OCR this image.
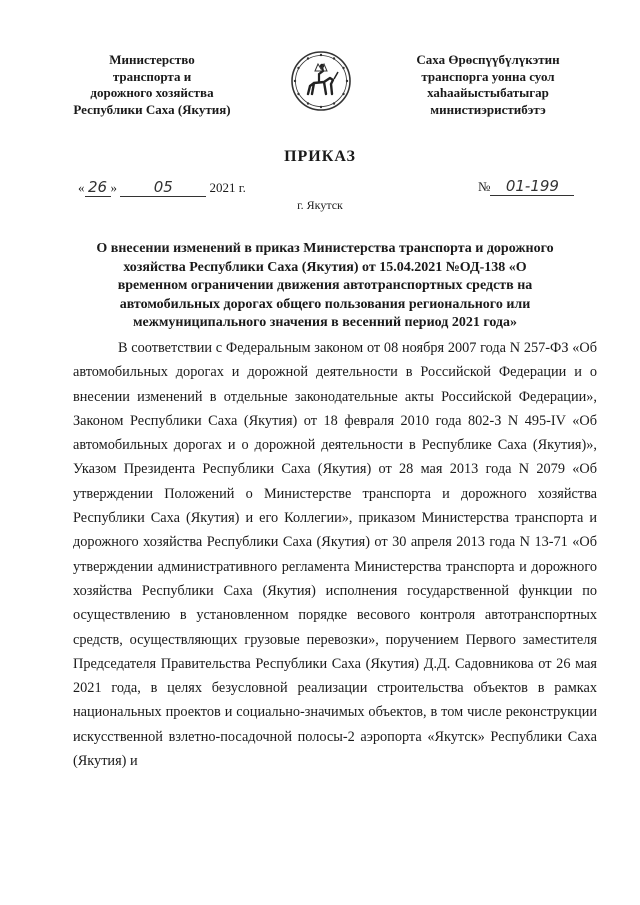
Министерство
транспорта и
дорожного хозяйства
Республики Саха (Якутия)
Саха Өрөспүүбүлүкэтин
транспорга уонна суол
хаhаайыстыбатыгар
министиэристибэтэ
ПРИКАЗ
« 26 » 05	2021 г.	№ 01-199
г. Якутск
О внесении изменений в приказ Министерства транспорта и дорожного хозяйства Республики Саха (Якутия) от 15.04.2021 №ОД-138 «О временном ограничении движения автотранспортных средств на автомобильных дорогах общего пользования регионального или межмуниципального значения в весенний период 2021 года»

В соответствии с Федеральным законом от 08 ноября 2007 года N 257-ФЗ «Об автомобильных дорогах и дорожной деятельности в Российской Федерации и о внесении изменений в отдельные законодательные акты Российской Федерации», Законом Республики Саха (Якутия) от 18 февраля 2010 года 802-З N 495-IV «Об автомобильных дорогах и о дорожной деятельности в Республике Саха (Якутия)», Указом Президента Республики Саха (Якутия) от 28 мая 2013 года N 2079 «Об утверждении Положений о Министерстве транспорта и дорожного хозяйства Республики Саха (Якутия) и его Коллегии», приказом Министерства транспорта и дорожного хозяйства Республики Саха (Якутия) от 30 апреля 2013 года N 13-71 «Об утверждении административного регламента Министерства транспорта и дорожного хозяйства Республики Саха (Якутия) исполнения государственной функции по осуществлению в установленном порядке весового контроля автотранспортных средств, осуществляющих грузовые перевозки», поручением Первого заместителя Председателя Правительства Республики Саха (Якутия) Д.Д. Садовникова от 26 мая 2021 года, в целях безусловной реализации строительства объектов в рамках национальных проектов и социально-значимых объектов, в том числе реконструкции искусственной взлетно-посадочной полосы-2 аэропорта «Якутск» Республики Саха (Якутия) и
